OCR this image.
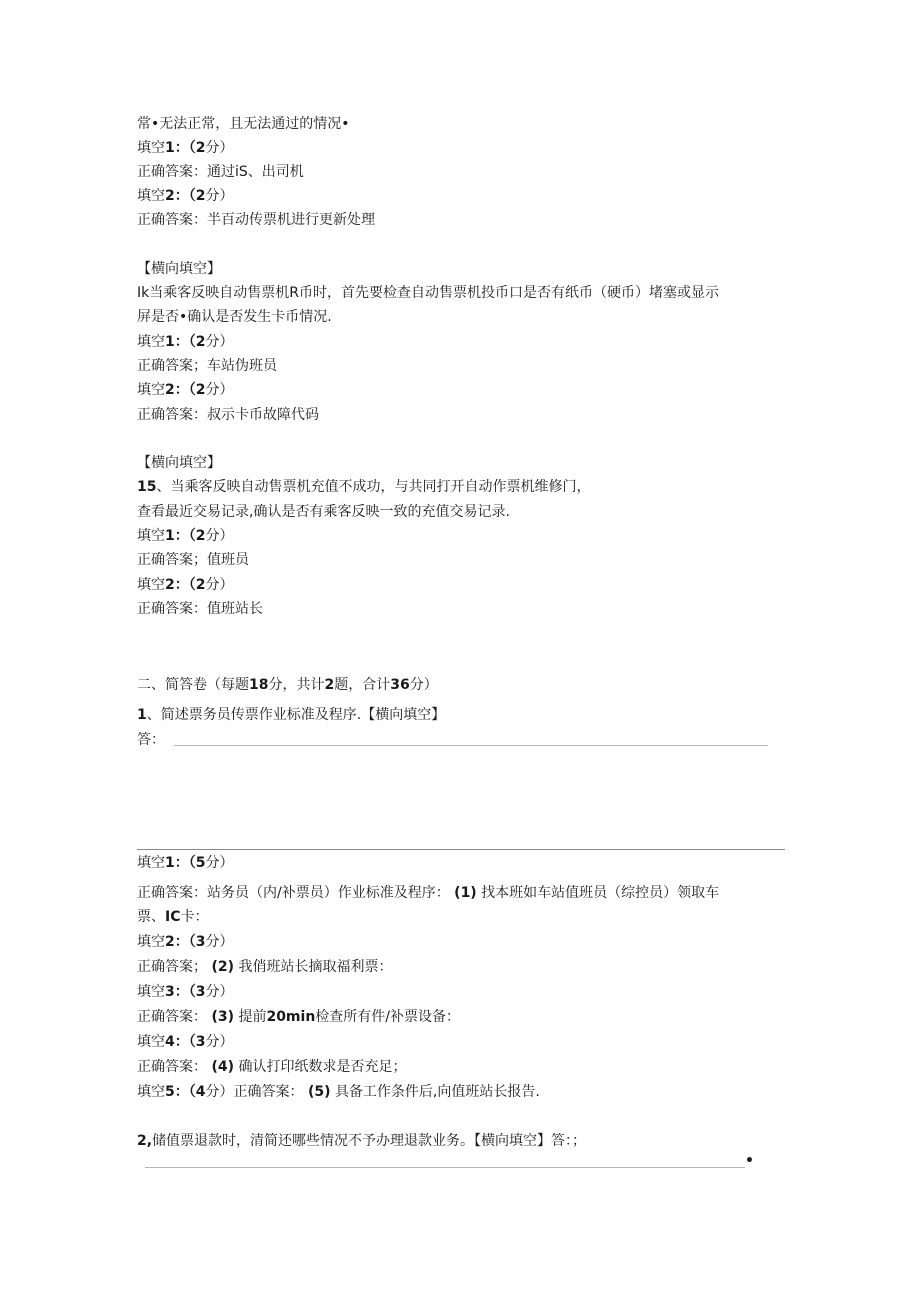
常•无法正常，且无法通过的情况•
填空1：（2分）
正确答案：通过iS、出司机
填空2：（2分）
正确答案：半百动传票机进行更新处理
【横向填空】
Ik当乘客反映自动售票机R币时，首先要检查自动售票机投币口是否有纸币（硬币）堵塞或显示
屏是否•确认是否发生卡币情况.
填空1：（2分）
正确答案；车站伪班员
填空2：（2分）
正确答案：叔示卡币故障代码
【横向填空】
15、当乘客反映自动售票机充值不成功，与共同打开自动作票机维修门，
查看最近交易记录,确认是否有乘客反映一致的充值交易记录.
填空1：（2分）
正确答案；值班员
填空2：（2分）
正确答案：值班站长
二、简答卷（每题18分，共计2题，合计36分）
1、简述票务员传票作业标准及程序.【横向填空】
答：
填空1：（5分）
正确答案：站务员（内/补票员）作业标准及程序： (1) 找本班如车站值班员（综控员）领取车
票、IC卡：
填空2：（3分）
正确答案； (2) 我俏班站长摘取福利票：
填空3：（3分）
正确答案： (3) 提前20min检查所有件/补票设备：
填空4：（3分）
正确答案： (4) 确认打印纸数求是否充足；
填空5：（4分）正确答案： (5) 具备工作条件后,向值班站长报告.
2,储值票退款时，清简还哪些情况不予办理退款业务。【横向填空】答：；
•
